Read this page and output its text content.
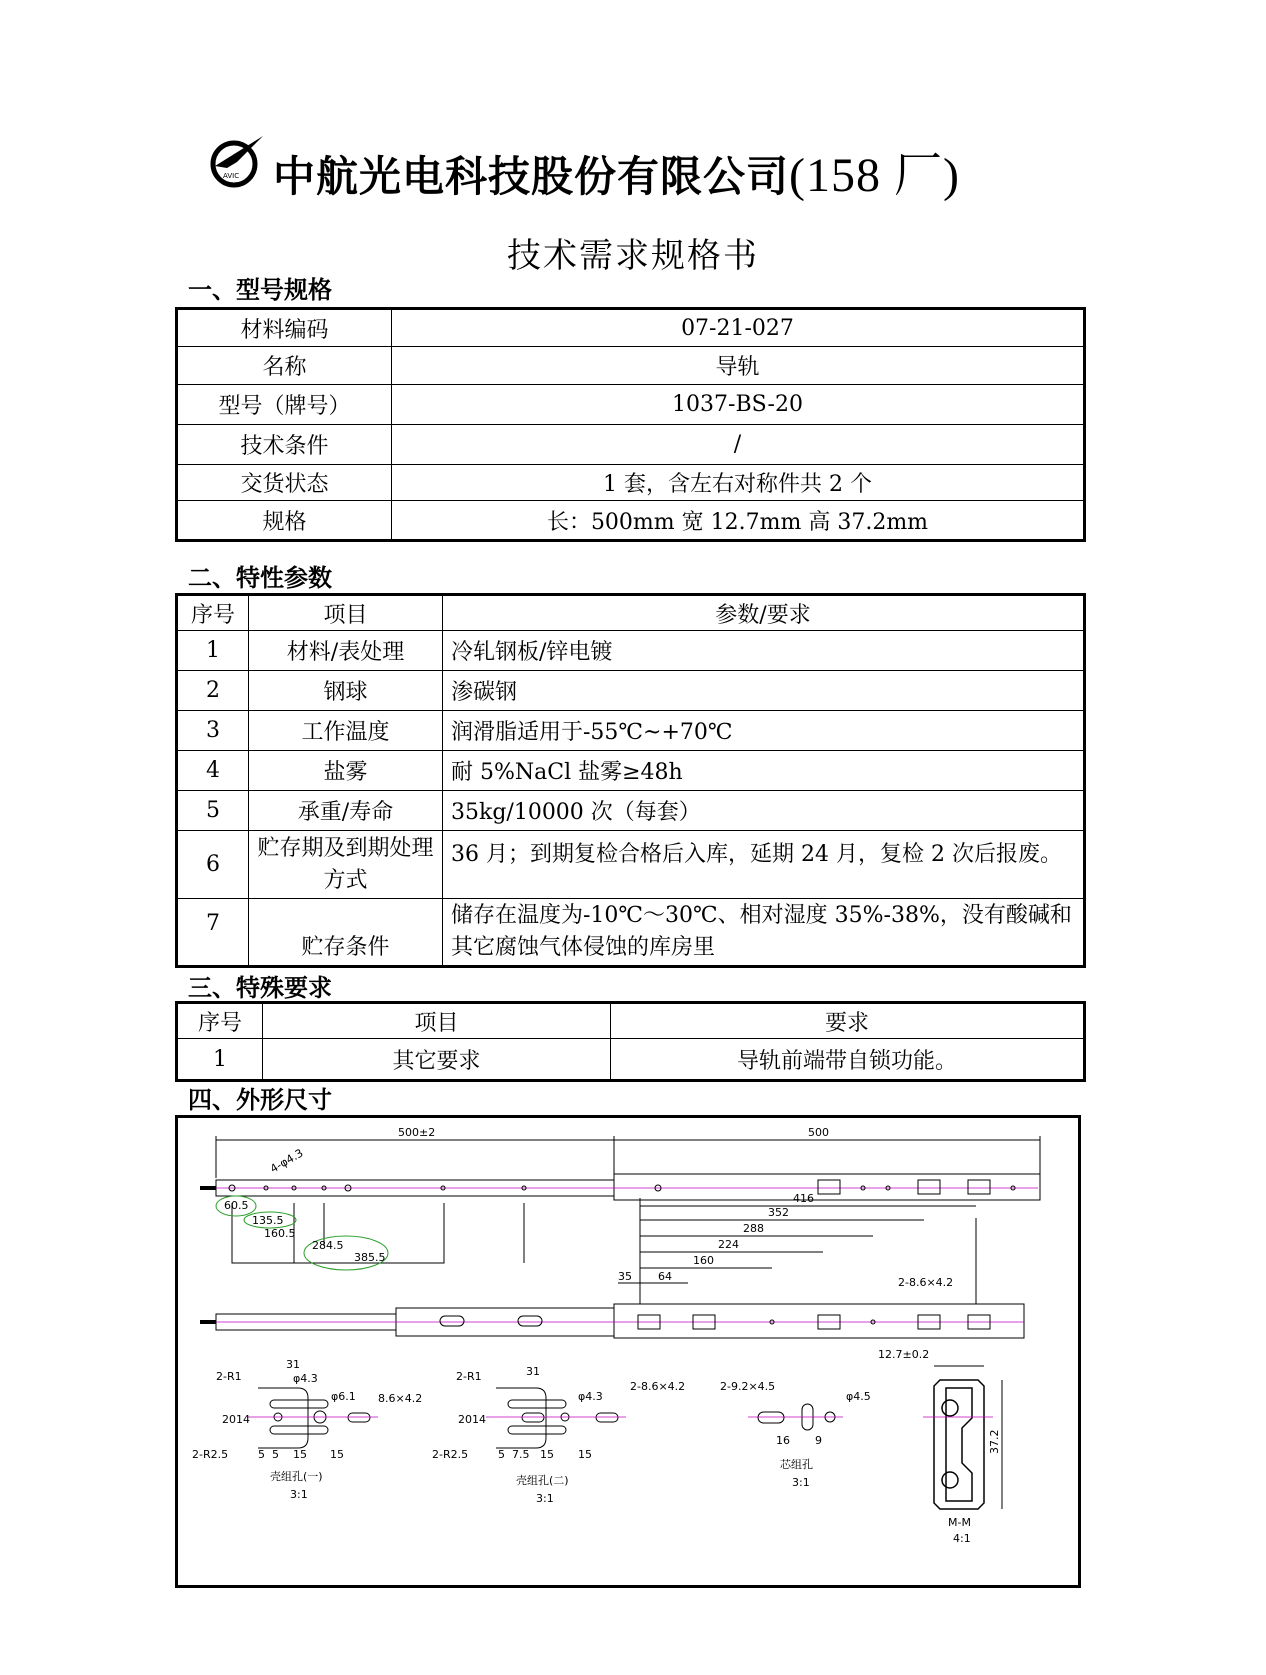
AVIC 中航光电科技股份有限公司(158 厂)
技术需求规格书
一、型号规格
材料编码	07-21-027
名称	导轨
型号（牌号）	1037-BS-20
技术条件	/
交货状态	1 套，含左右对称件共 2 个
规格	长：500mm 宽 12.7mm 高 37.2mm
二、特性参数
序号	项目	参数/要求
1	材料/表处理	冷轧钢板/锌电镀
2	钢球	渗碳钢
3	工作温度	润滑脂适用于-55℃~+70℃
4	盐雾	耐 5%NaCl 盐雾≥48h
5	承重/寿命	35kg/10000 次（每套）
6	贮存期及到期处理方式	36 月；到期复检合格后入库，延期 24 月，复检 2 次后报废。
7	贮存条件	储存在温度为-10℃～30℃、相对湿度 35%-38%，没有酸碱和其它腐蚀气体侵蚀的库房里
三、特殊要求
序号	项目	要求
1	其它要求	导轨前端带自锁功能。
四、外形尺寸
500±2	500
4-φ4.3
60.5
135.5
160.5
284.5
385.5
416
352
288
224
160
35 64	2-8.6×4.2
2-R1
31
φ4.3
φ6.1 8.6×4.2
20 14
2-R2.5	5 5 15 15
壳组孔(一)
3:1
2-R1	31
φ4.3
2-8.6×4.2
20 14
2-R2.5	5 7.5 15 15
壳组孔(二)
3:1
2-9.2×4.5
φ4.5
16 9
芯组孔
3:1
12.7±0.2
37.2
M-M
4:1
